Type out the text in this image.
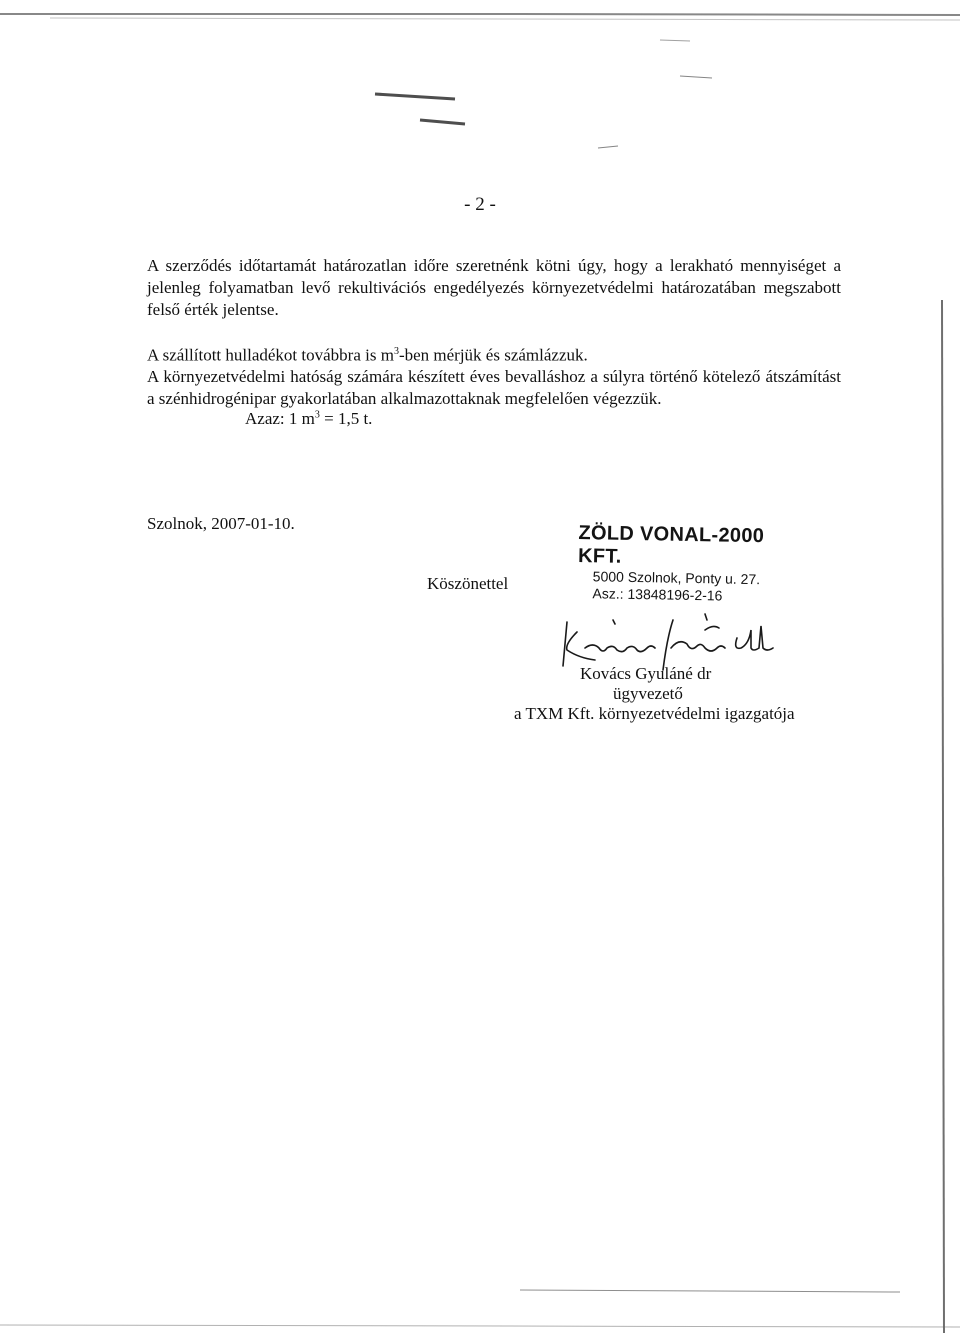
- 2 -

A szerződés időtartamát határozatlan időre szeretnénk kötni úgy, hogy a lerakható mennyiséget a jelenleg folyamatban levő rekultivációs engedélyezés környezetvédelmi határozatában megszabott felső érték jelentse.

A szállított hulladékot továbbra is $m^3$-ben mérjük és számlázzuk.

A környezetvédelmi hatóság számára készített éves bevalláshoz a súlyra történő kötelező átszámítást a szénhidrogénipar gyakorlatában alkalmazottaknak megfelelően végezzük.

Azaz: 1 $m^3 = 1,5$ t.
Szolnok, 2007-01-10.
Köszönettel
ZÖLD VONAL-2000 KFT.
5000 Szolnok, Ponty u. 27.
Asz.: 13848196-2-16
Kovács Gyuláné dr
ügyvezető
a TXM Kft. környezetvédelmi igazgatója
